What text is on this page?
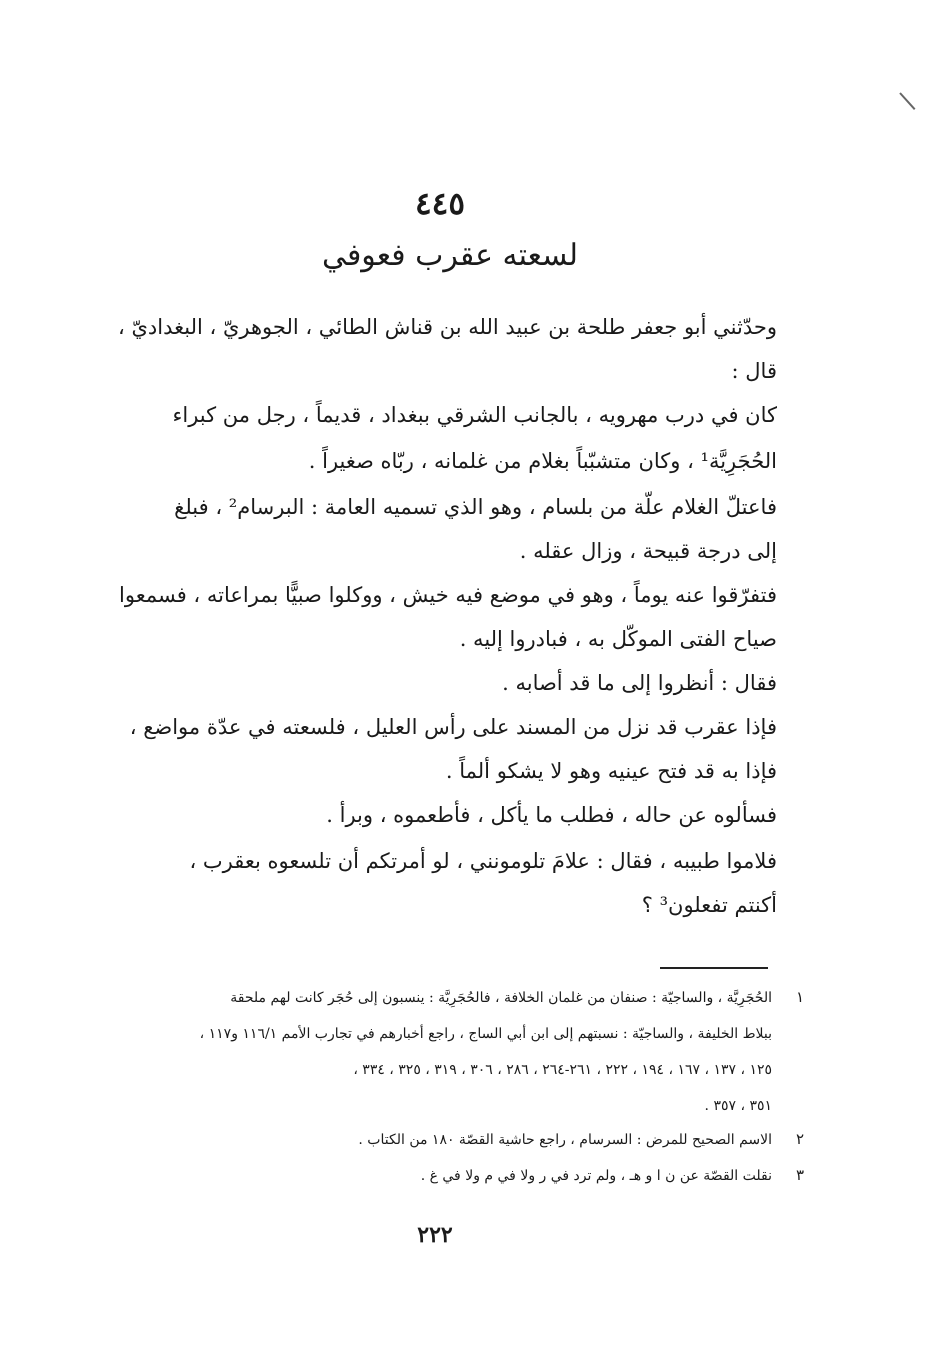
٤٤٥
لسعته عقرب فعوفي
وحدّثني أبو جعفر طلحة بن عبيد الله بن قناش الطائي ، الجوهريّ ، البغداديّ ،
قال :
كان في درب مهرويه ، بالجانب الشرقي ببغداد ، قديماً ، رجل من كبراء
الحُجَرِيَّة¹ ، وكان متشبّباً بغلام من غلمانه ، ربّاه صغيراً .
فاعتلّ الغلام علّة من بلسام ، وهو الذي تسميه العامة : البرسام² ، فبلغ
إلى درجة قبيحة ، وزال عقله .
فتفرّقوا عنه يوماً ، وهو في موضع فيه خيش ، ووكلوا صبيًّا بمراعاته ، فسمعوا
صياح الفتى الموكّل به ، فبادروا إليه .
فقال : أنظروا إلى ما قد أصابه .
فإذا عقرب قد نزل من المسند على رأس العليل ، فلسعته في عدّة مواضع ،
فإذا به قد فتح عينيه وهو لا يشكو ألماً .
فسألوه عن حاله ، فطلب ما يأكل ، فأطعموه ، وبرأ .
فلاموا طبيبه ، فقال : علامَ تلومونني ، لو أمرتكم أن تلسعوه بعقرب ،
أكنتم تفعلون³ ؟
١
الحُجَرِيَّة ، والساجيّة : صنفان من غلمان الخلافة ، فالحُجَرِيَّة : ينسبون إلى حُجَر كانت لهم ملحقة
ببلاط الخليفة ، والساجيّة : نسبتهم إلى ابن أبي الساج ، راجع أخبارهم في تجارب الأمم ١١٦/١ و١١٧ ،
١٢٥ ، ١٣٧ ، ١٦٧ ، ١٩٤ ، ٢٢٢ ، ٢٦١-٢٦٤ ، ٢٨٦ ، ٣٠٦ ، ٣١٩ ، ٣٢٥ ، ٣٣٤ ،
٣٥١ ، ٣٥٧ .
٢
الاسم الصحيح للمرض : السرسام ، راجع حاشية القصّة ١٨٠ من الكتاب .
٣
نقلت القصّة عن ن ا و هـ ، ولم ترد في ر ولا في م ولا في غ .
٢٢٢
